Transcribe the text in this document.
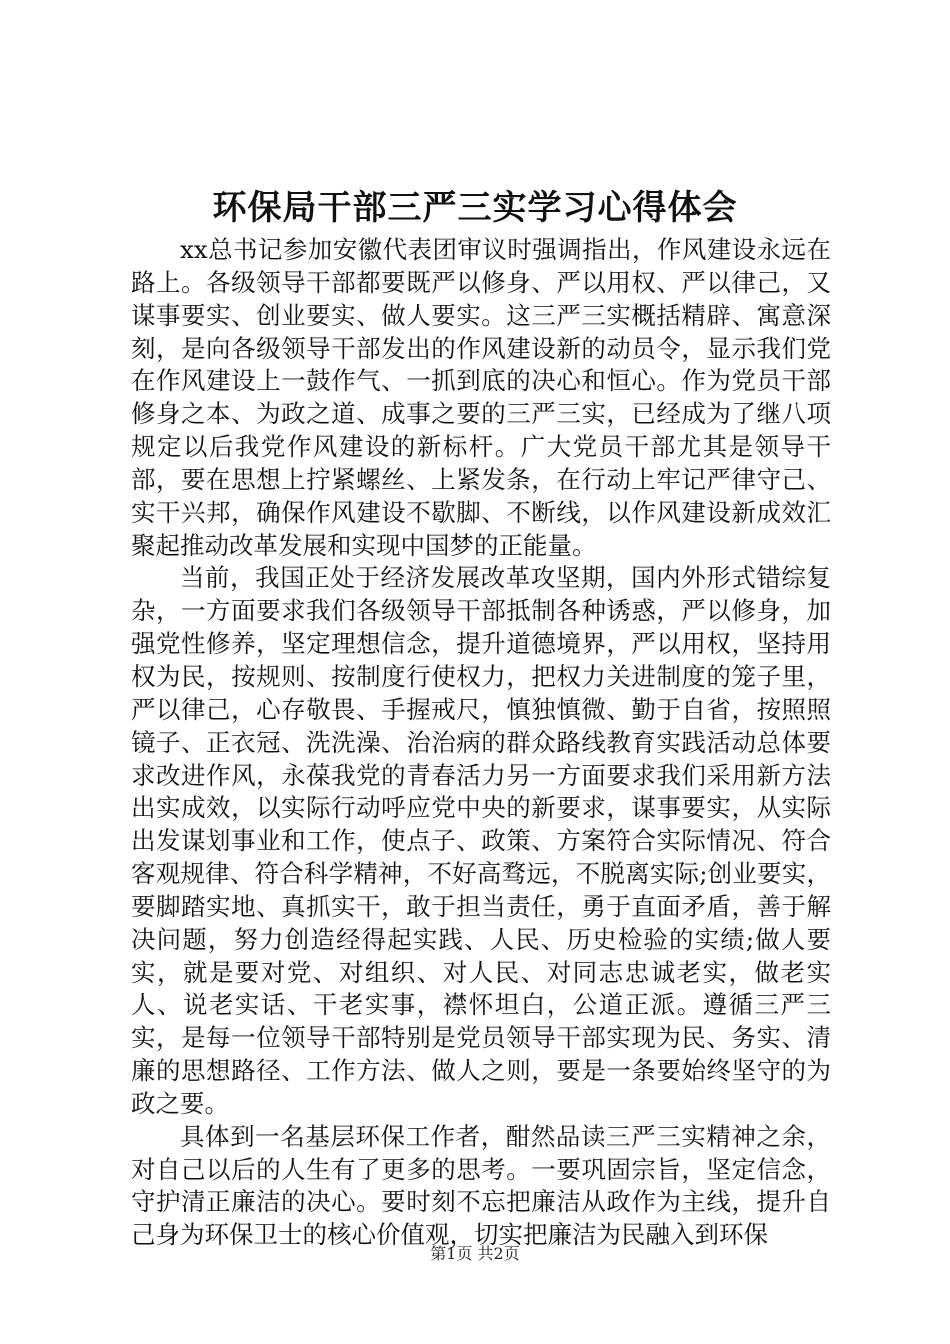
环保局干部三严三实学习心得体会

xx总书记参加安徽代表团审议时强调指出，作风建设永远在路上。各级领导干部都要既严以修身、严以用权、严以律己，又谋事要实、创业要实、做人要实。这三严三实概括精辟、寓意深刻，是向各级领导干部发出的作风建设新的动员令，显示我们党在作风建设上一鼓作气、一抓到底的决心和恒心。作为党员干部修身之本、为政之道、成事之要的三严三实，已经成为了继八项规定以后我党作风建设的新标杆。广大党员干部尤其是领导干部，要在思想上拧紧螺丝、上紧发条，在行动上牢记严律守己、实干兴邦，确保作风建设不歇脚、不断线，以作风建设新成效汇聚起推动改革发展和实现中国梦的正能量。

当前，我国正处于经济发展改革攻坚期，国内外形式错综复杂，一方面要求我们各级领导干部抵制各种诱惑，严以修身，加强党性修养，坚定理想信念，提升道德境界，严以用权，坚持用权为民，按规则、按制度行使权力，把权力关进制度的笼子里，严以律己，心存敬畏、手握戒尺，慎独慎微、勤于自省，按照照镜子、正衣冠、洗洗澡、治治病的群众路线教育实践活动总体要求改进作风，永葆我党的青春活力另一方面要求我们采用新方法出实成效，以实际行动呼应党中央的新要求，谋事要实，从实际出发谋划事业和工作，使点子、政策、方案符合实际情况、符合客观规律、符合科学精神，不好高骛远，不脱离实际;创业要实，要脚踏实地、真抓实干，敢于担当责任，勇于直面矛盾，善于解决问题，努力创造经得起实践、人民、历史检验的实绩;做人要实，就是要对党、对组织、对人民、对同志忠诚老实，做老实人、说老实话、干老实事，襟怀坦白，公道正派。遵循三严三实，是每一位领导干部特别是党员领导干部实现为民、务实、清廉的思想路径、工作方法、做人之则，要是一条要始终坚守的为政之要。

具体到一名基层环保工作者，酣然品读三严三实精神之余，对自己以后的人生有了更多的思考。一要巩固宗旨，坚定信念，守护清正廉洁的决心。要时刻不忘把廉洁从政作为主线，提升自己身为环保卫士的核心价值观，切实把廉洁为民融入到环保

第1页 共2页
